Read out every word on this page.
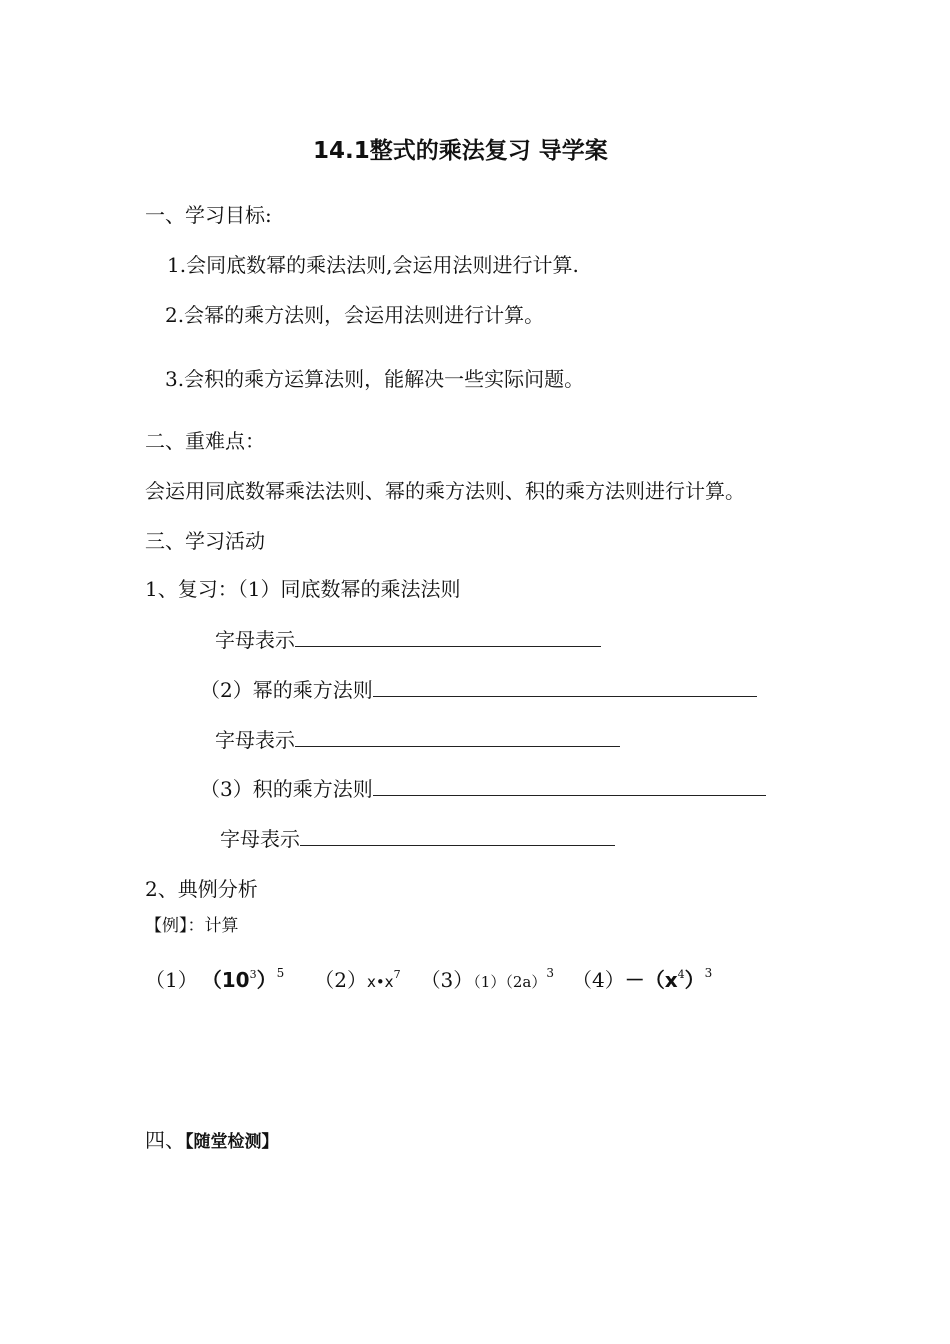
14.1整式的乘法复习 导学案
一、学习目标:
1.会同底数幂的乘法法则,会运用法则进行计算.
2.会幂的乘方法则，会运用法则进行计算。
3.会积的乘方运算法则，能解决一些实际问题。
二、重难点：
会运用同底数幂乘法法则、幂的乘方法则、积的乘方法则进行计算。
三、学习活动
1、复习：（1）同底数幂的乘法法则
字母表示
（2）幂的乘方法则
字母表示
（3）积的乘方法则
字母表示
2、典例分析
【例】：计算
（1） $(10^3)^5$ $(2)x•x^7$ $(3)(1)(2a)^3$ $(4)-(x^4)^3$
四、【随堂检测】
